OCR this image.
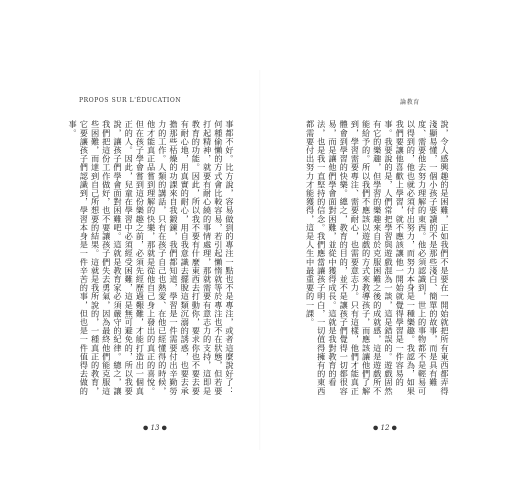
PROPOS SUR L'ÉDUCATION

事都不好。比方說，容易做到的專注一點也不是專注，或者這麼說好了：何種偷懶的方式會比較容易，若引起懶惰就等於專注也不在狀態，但若要打起精神，就要有耐心繞的事情處理，那就需要有意志力的支持，這即是教育的功能。因此，所以我不要有什麼東西去打動你，要求你也不要去要有耐心地，用真實的耐心，用自我意識去擺脫這類沉溺的誘惑，也要去承擔那些枯燥的功課來自我鍛鍊，我們都知道，學習是一件需要付出辛勤勞力的工作。人類的講話，只有在孩子自己也熱愛、在他已經懂得的時候，他才能真正品嘗到理解的快樂，那就是從他自己身上發出的真正的喜悅。但在孩子學會嘗到這份樂趣之前，必須先經歷過艱難，才能打造出一個真正的人。因此，兒童在學習中必須經受困難，這是無可避免的，所以我要說，讓孩子們學會面對困難吧。這就是教育家必須嚴守的紀律。總之，讓我們把這份工作做好，也不要讓孩子們失去勇氣，因為最終他們能克服這些困難，而達到自己所想要的結果。這就是我所說的，一種真正的教育，它要讓孩子們認識到，學習本身是一件辛苦的事，但也是一件值得去做的事。

● 13 ●
論教育

說，令人感興趣的是困難，正如我們不是要在一開始就把所有東西都弄得淺顯易懂，一個小孩子要讀的不是那些淺白、簡單的故事，而是具有難度、需要他去努力理解的東西。他必須認識到，世上的事物都不是輕易可以得到的，他也就必須付出努力，而努力本身是一種樂趣。我認為，如果我們要讓他喜歡上學習，就不應該讓他一開始就覺得學習是一件容易的事。我要說的是，人們常把學習與遊戲混為一談，這是錯誤的。遊戲固然有它的樂趣，但學習的樂趣來自於克服困難之後的成就感，這是遊戲所不能給予的。所以我們不應該以遊戲的方式來教導孩子，而應該讓他們了解到，學習需要專注、需要耐心，也需要意志力。只有這樣，他們才能真正體會到學習的快樂。總之，教育的目的，並不是讓孩子們覺得一切都很容易，而是讓他們學會面對困難，並從中獲得成長。這就是我對教育的看法，也是我一直堅持的信念。我們應當讓孩子明白，一切值得擁有的東西都需要付出努力才能獲得，這是人生中最重要的一課。

● 12 ●
